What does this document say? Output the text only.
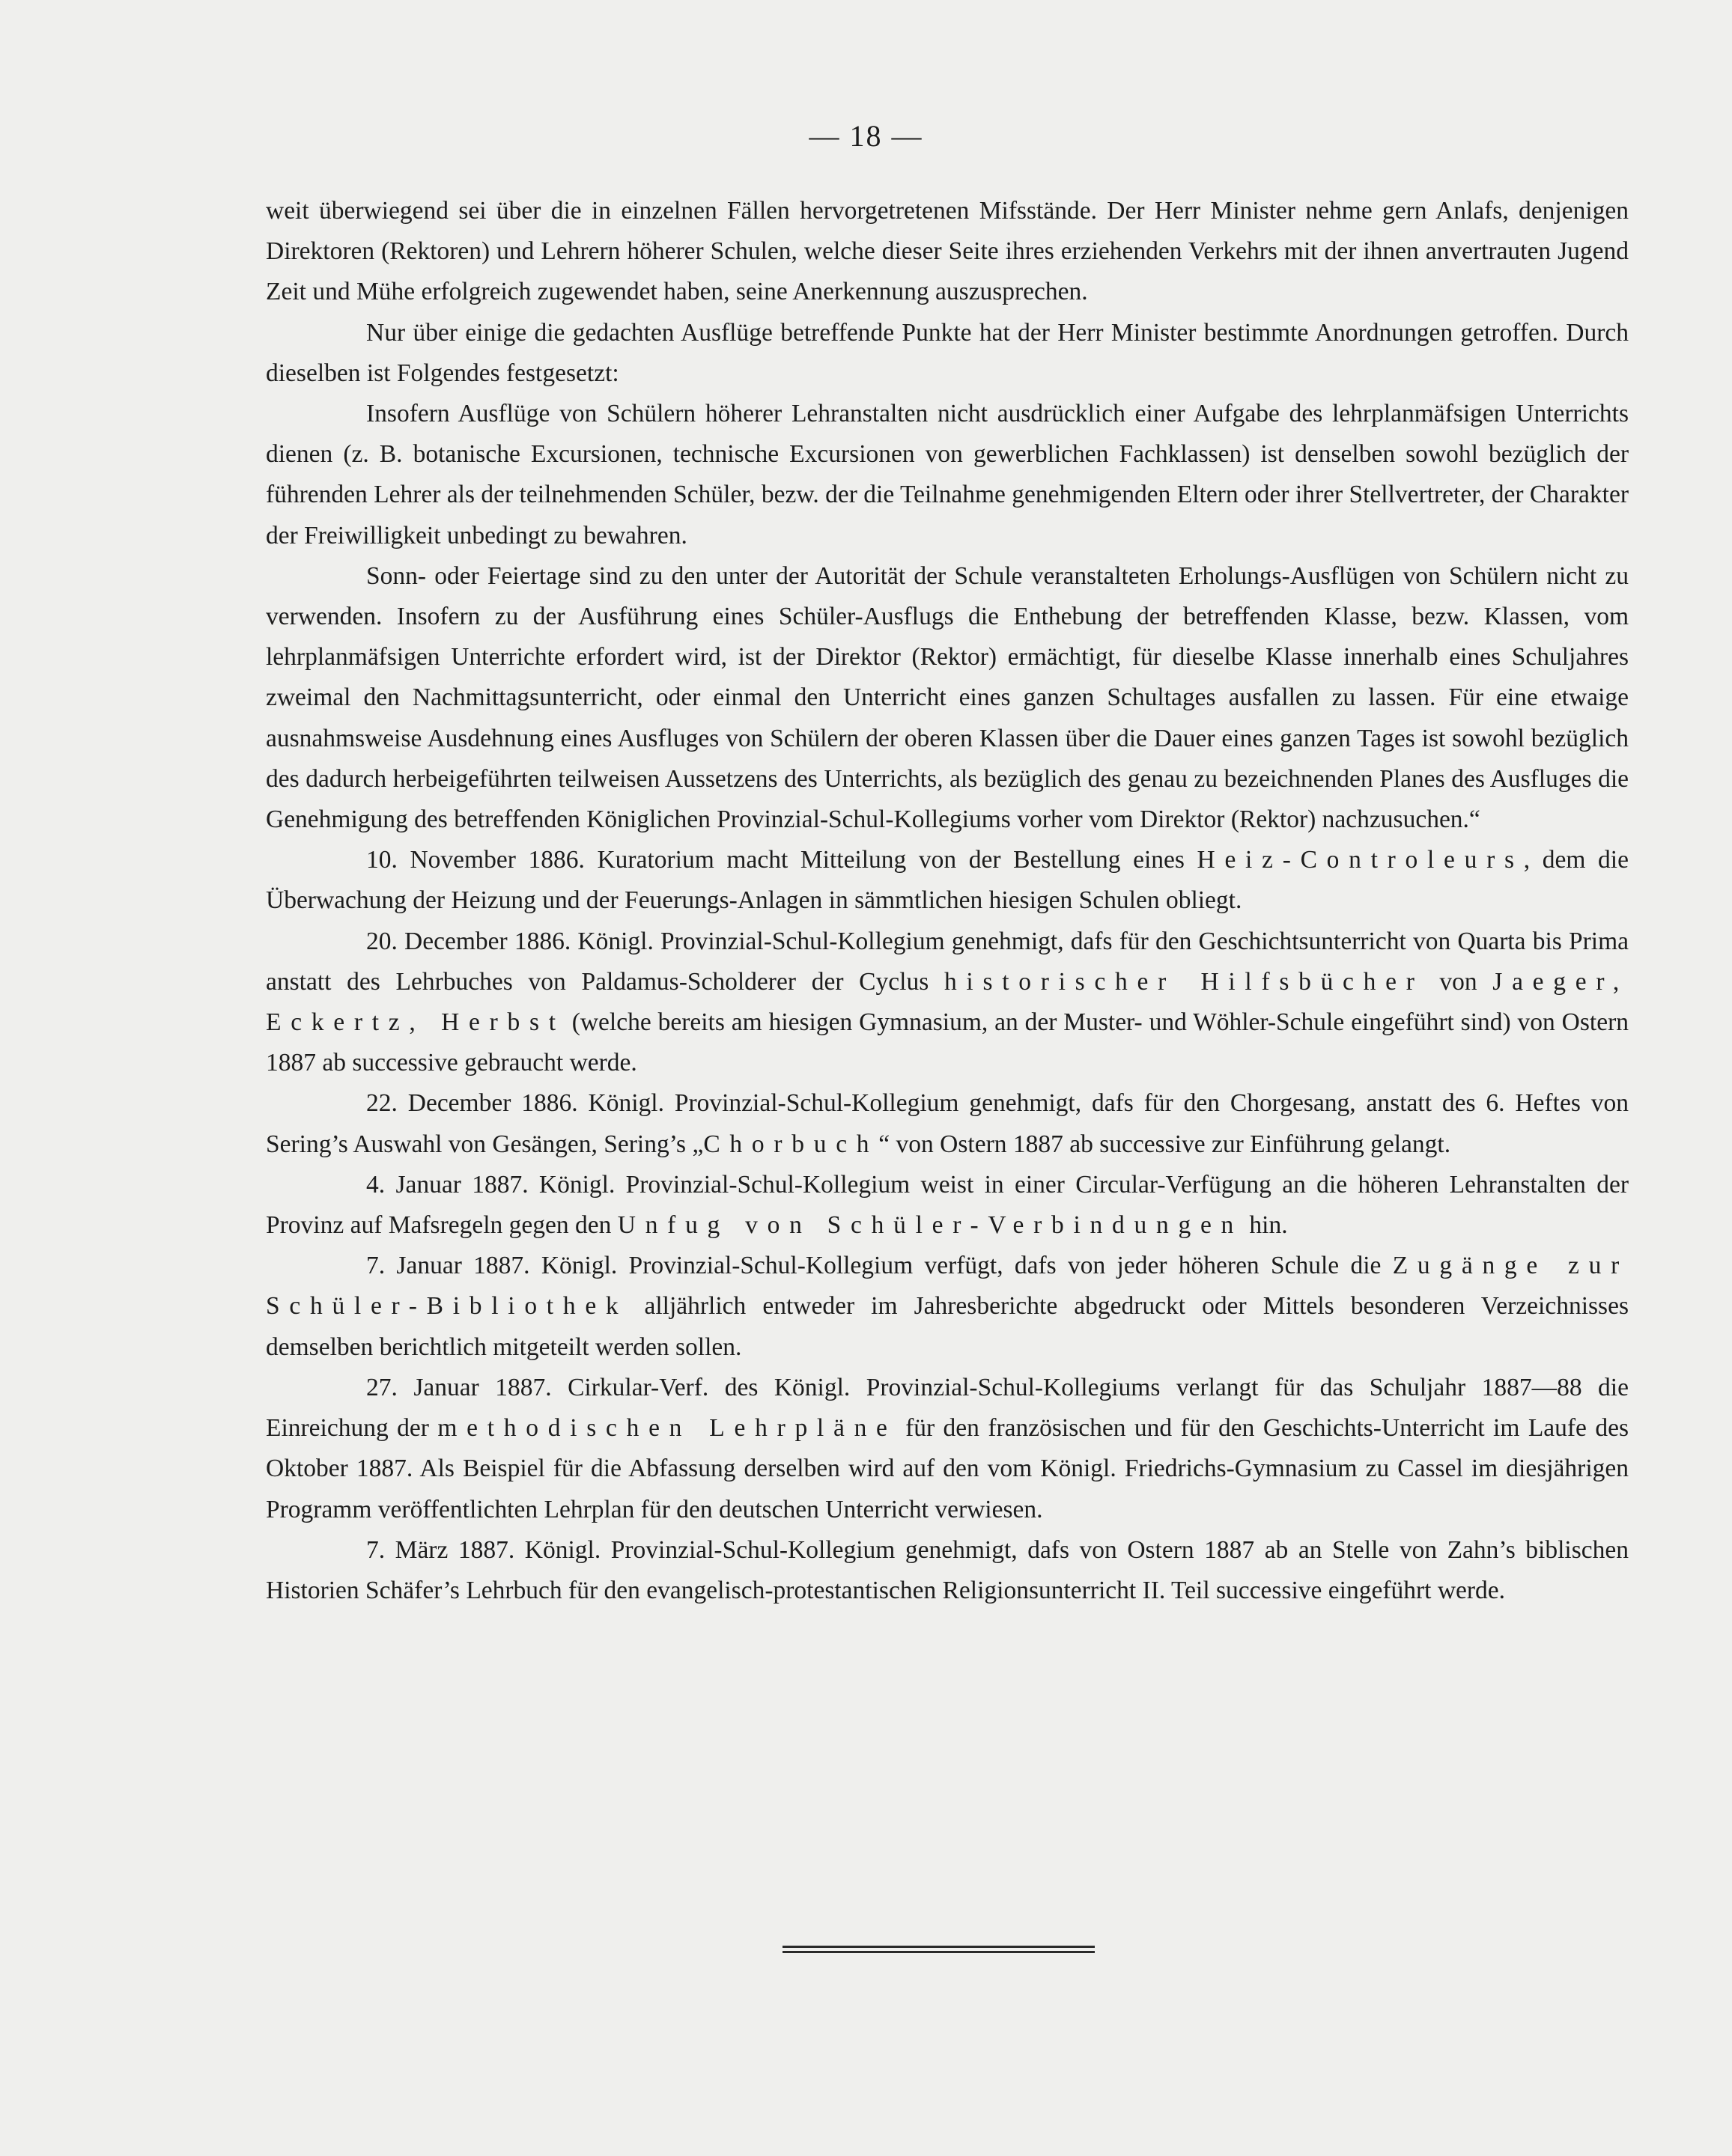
— 18 —

weit überwiegend sei über die in einzelnen Fällen hervorgetretenen Mifsstände. Der Herr Minister nehme gern Anlafs, denjenigen Direktoren (Rektoren) und Lehrern höherer Schulen, welche dieser Seite ihres erziehenden Verkehrs mit der ihnen anvertrauten Jugend Zeit und Mühe erfolgreich zugewendet haben, seine Anerkennung auszusprechen.

Nur über einige die gedachten Ausflüge betreffende Punkte hat der Herr Minister bestimmte Anordnungen getroffen. Durch dieselben ist Folgendes festgesetzt:

Insofern Ausflüge von Schülern höherer Lehranstalten nicht ausdrücklich einer Aufgabe des lehrplanmäfsigen Unterrichts dienen (z. B. botanische Excursionen, technische Excursionen von gewerblichen Fachklassen) ist denselben sowohl bezüglich der führenden Lehrer als der teilnehmenden Schüler, bezw. der die Teilnahme genehmigenden Eltern oder ihrer Stellvertreter, der Charakter der Freiwilligkeit unbedingt zu bewahren.

Sonn- oder Feiertage sind zu den unter der Autorität der Schule veranstalteten Erholungs-Ausflügen von Schülern nicht zu verwenden. Insofern zu der Ausführung eines Schüler-Ausflugs die Enthebung der betreffenden Klasse, bezw. Klassen, vom lehrplanmäfsigen Unterrichte erfordert wird, ist der Direktor (Rektor) ermächtigt, für dieselbe Klasse innerhalb eines Schuljahres zweimal den Nachmittagsunterricht, oder einmal den Unterricht eines ganzen Schultages ausfallen zu lassen. Für eine etwaige ausnahmsweise Ausdehnung eines Ausfluges von Schülern der oberen Klassen über die Dauer eines ganzen Tages ist sowohl bezüglich des dadurch herbeigeführten teilweisen Aussetzens des Unterrichts, als bezüglich des genau zu bezeichnenden Planes des Ausfluges die Genehmigung des betreffenden Königlichen Provinzial-Schul-Kollegiums vorher vom Direktor (Rektor) nachzusuchen.“

10. November 1886. Kuratorium macht Mitteilung von der Bestellung eines Heiz-Controleurs, dem die Überwachung der Heizung und der Feuerungs-Anlagen in sämmtlichen hiesigen Schulen obliegt.

20. December 1886. Königl. Provinzial-Schul-Kollegium genehmigt, dafs für den Geschichtsunterricht von Quarta bis Prima anstatt des Lehrbuches von Paldamus-Scholderer der Cyclus historischer Hilfsbücher von Jaeger, Eckertz, Herbst (welche bereits am hiesigen Gymnasium, an der Muster- und Wöhler-Schule eingeführt sind) von Ostern 1887 ab successive gebraucht werde.

22. December 1886. Königl. Provinzial-Schul-Kollegium genehmigt, dafs für den Chorgesang, anstatt des 6. Heftes von Sering’s Auswahl von Gesängen, Sering’s „Chorbuch“ von Ostern 1887 ab successive zur Einführung gelangt.

4. Januar 1887. Königl. Provinzial-Schul-Kollegium weist in einer Circular-Verfügung an die höheren Lehranstalten der Provinz auf Mafsregeln gegen den Unfug von Schüler-Verbindungen hin.

7. Januar 1887. Königl. Provinzial-Schul-Kollegium verfügt, dafs von jeder höheren Schule die Zugänge zur Schüler-Bibliothek alljährlich entweder im Jahresberichte abgedruckt oder Mittels besonderen Verzeichnisses demselben berichtlich mitgeteilt werden sollen.

27. Januar 1887. Cirkular-Verf. des Königl. Provinzial-Schul-Kollegiums verlangt für das Schuljahr 1887—88 die Einreichung der methodischen Lehrpläne für den französischen und für den Geschichts-Unterricht im Laufe des Oktober 1887. Als Beispiel für die Abfassung derselben wird auf den vom Königl. Friedrichs-Gymnasium zu Cassel im diesjährigen Programm veröffentlichten Lehrplan für den deutschen Unterricht verwiesen.

7. März 1887. Königl. Provinzial-Schul-Kollegium genehmigt, dafs von Ostern 1887 ab an Stelle von Zahn’s biblischen Historien Schäfer’s Lehrbuch für den evangelisch-protestantischen Religionsunterricht II. Teil successive eingeführt werde.
